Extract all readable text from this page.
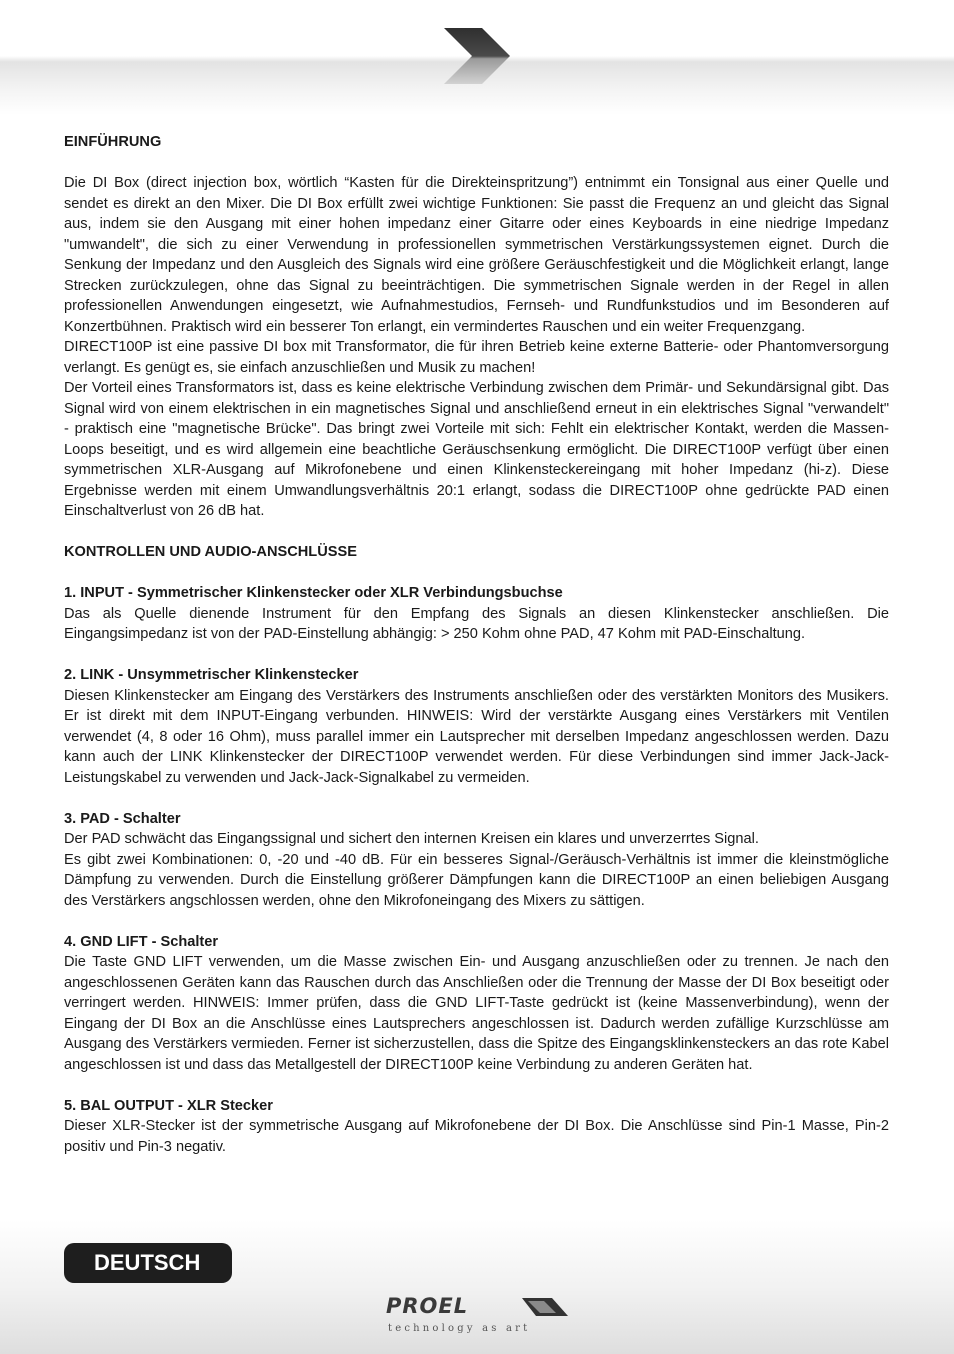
EINFÜHRUNG

Die DI Box (direct injection box, wörtlich “Kasten für die Direkteinspritzung”) entnimmt ein Tonsignal aus einer Quelle und sendet es direkt an den Mixer. Die DI Box erfüllt zwei wichtige Funktionen: Sie passt die Frequenz an und gleicht das Signal aus, indem sie den Ausgang mit einer hohen impedanz einer Gitarre oder eines Keyboards in eine niedrige Impedanz "umwandelt", die sich zu einer Verwendung in professionellen symmetrischen Verstärkungssystemen eignet. Durch die Senkung der Impedanz und den Ausgleich des Signals wird eine größere Geräuschfestigkeit und die Möglichkeit erlangt, lange Strecken zurückzulegen, ohne das Signal zu beeinträchtigen. Die symmetrischen Signale werden in der Regel in allen professionellen Anwendungen eingesetzt, wie Aufnahmestudios, Fernseh- und Rundfunkstudios und im Besonderen auf Konzertbühnen. Praktisch wird ein besserer Ton erlangt, ein vermindertes Rauschen und ein weiter Frequenzgang.

DIRECT100P ist eine passive DI box mit Transformator, die für ihren Betrieb keine externe Batterie- oder Phantomversorgung verlangt. Es genügt es, sie einfach anzuschließen und Musik zu machen!

Der Vorteil eines Transformators ist, dass es keine elektrische Verbindung zwischen dem Primär- und Sekundärsignal gibt. Das Signal wird von einem elektrischen in ein magnetisches Signal und anschließend erneut in ein elektrisches Signal "verwandelt" - praktisch eine "magnetische Brücke". Das bringt zwei Vorteile mit sich: Fehlt ein elektrischer Kontakt, werden die Massen-Loops beseitigt, und es wird allgemein eine beachtliche Geräuschsenkung ermöglicht. Die DIRECT100P verfügt über einen symmetrischen XLR-Ausgang auf Mikrofonebene und einen Klinkensteckereingang mit hoher Impedanz (hi-z). Diese Ergebnisse werden mit einem Umwandlungsverhältnis 20:1 erlangt, sodass die DIRECT100P ohne gedrückte PAD einen Einschaltverlust von 26 dB hat.

KONTROLLEN UND AUDIO-ANSCHLÜSSE
1. INPUT - Symmetrischer Klinkenstecker oder XLR Verbindungsbuchse

Das als Quelle dienende Instrument für den Empfang des Signals an diesen Klinkenstecker anschließen. Die Eingangsimpedanz ist von der PAD-Einstellung abhängig: > 250 Kohm ohne PAD, 47 Kohm mit PAD-Einschaltung.

2. LINK - Unsymmetrischer Klinkenstecker

Diesen Klinkenstecker am Eingang des Verstärkers des Instruments anschließen oder des verstärkten Monitors des Musikers. Er ist direkt mit dem INPUT-Eingang verbunden. HINWEIS: Wird der verstärkte Ausgang eines Verstärkers mit Ventilen verwendet (4, 8 oder 16 Ohm), muss parallel immer ein Lautsprecher mit derselben Impedanz angeschlossen werden. Dazu kann auch der LINK Klinkenstecker der DIRECT100P verwendet werden. Für diese Verbindungen sind immer Jack-Jack-Leistungskabel zu verwenden und Jack-Jack-Signalkabel zu vermeiden.

3. PAD - Schalter

Der PAD schwächt das Eingangssignal und sichert den internen Kreisen ein klares und unverzerrtes Signal.

Es gibt zwei Kombinationen: 0, -20 und -40 dB. Für ein besseres Signal-/Geräusch-Verhältnis ist immer die kleinstmögliche Dämpfung zu verwenden. Durch die Einstellung größerer Dämpfungen kann die DIRECT100P an einen beliebigen Ausgang des Verstärkers angschlossen werden, ohne den Mikrofoneingang des Mixers zu sättigen.

4. GND LIFT - Schalter

Die Taste GND LIFT verwenden, um die Masse zwischen Ein- und Ausgang anzuschließen oder zu trennen. Je nach den angeschlossenen Geräten kann das Rauschen durch das Anschließen oder die Trennung der Masse der DI Box beseitigt oder verringert werden. HINWEIS: Immer prüfen, dass die GND LIFT-Taste gedrückt ist (keine Massenverbindung), wenn der Eingang der DI Box an die Anschlüsse eines Lautsprechers angeschlossen ist. Dadurch werden zufällige Kurzschlüsse am Ausgang des Verstärkers vermieden. Ferner ist sicherzustellen, dass die Spitze des Eingangsklinkensteckers an das rote Kabel angeschlossen ist und dass das Metallgestell der DIRECT100P keine Verbindung zu anderen Geräten hat.

5. BAL OUTPUT - XLR Stecker

Dieser XLR-Stecker ist der symmetrische Ausgang auf Mikrofonebene der DI Box. Die Anschlüsse sind Pin-1 Masse, Pin-2 positiv und Pin-3 negativ.

DEUTSCH
PROEL
technology as art
